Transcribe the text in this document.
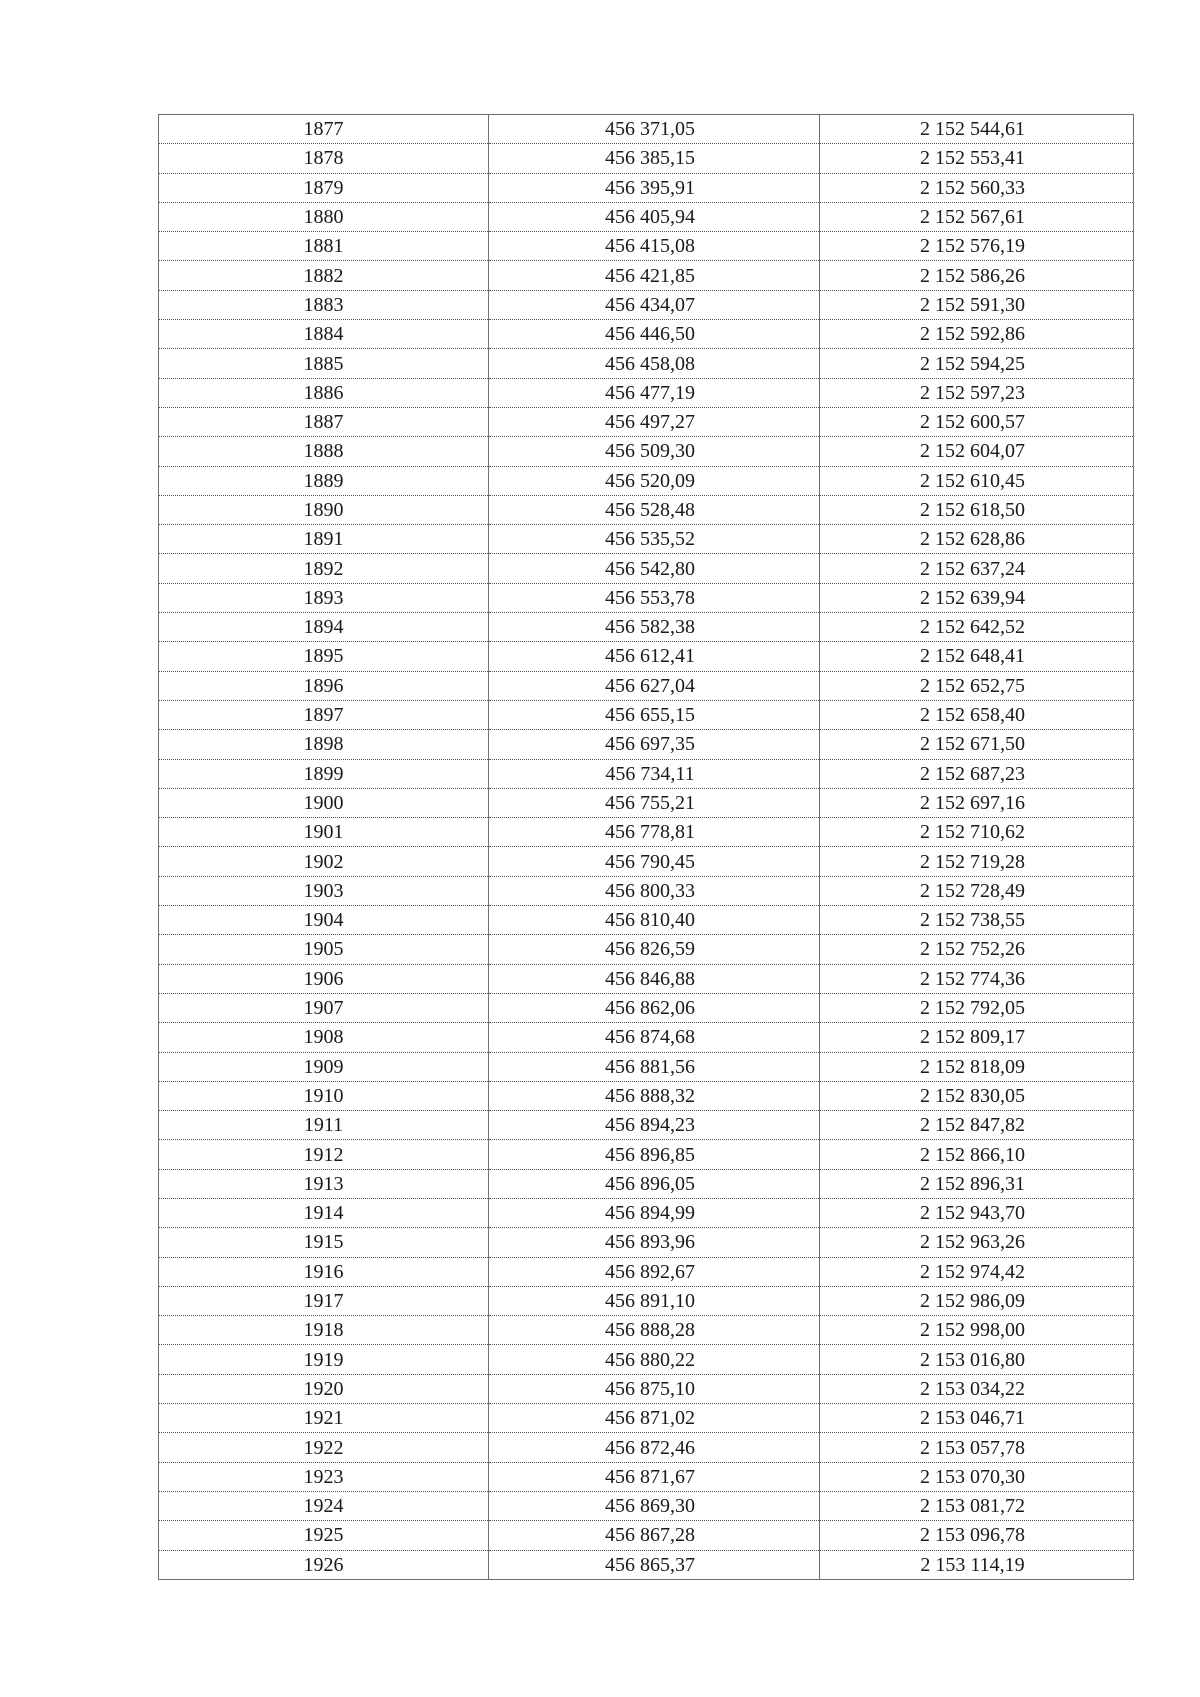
1877	456 371,05	2 152 544,61
1878	456 385,15	2 152 553,41
1879	456 395,91	2 152 560,33
1880	456 405,94	2 152 567,61
1881	456 415,08	2 152 576,19
1882	456 421,85	2 152 586,26
1883	456 434,07	2 152 591,30
1884	456 446,50	2 152 592,86
1885	456 458,08	2 152 594,25
1886	456 477,19	2 152 597,23
1887	456 497,27	2 152 600,57
1888	456 509,30	2 152 604,07
1889	456 520,09	2 152 610,45
1890	456 528,48	2 152 618,50
1891	456 535,52	2 152 628,86
1892	456 542,80	2 152 637,24
1893	456 553,78	2 152 639,94
1894	456 582,38	2 152 642,52
1895	456 612,41	2 152 648,41
1896	456 627,04	2 152 652,75
1897	456 655,15	2 152 658,40
1898	456 697,35	2 152 671,50
1899	456 734,11	2 152 687,23
1900	456 755,21	2 152 697,16
1901	456 778,81	2 152 710,62
1902	456 790,45	2 152 719,28
1903	456 800,33	2 152 728,49
1904	456 810,40	2 152 738,55
1905	456 826,59	2 152 752,26
1906	456 846,88	2 152 774,36
1907	456 862,06	2 152 792,05
1908	456 874,68	2 152 809,17
1909	456 881,56	2 152 818,09
1910	456 888,32	2 152 830,05
1911	456 894,23	2 152 847,82
1912	456 896,85	2 152 866,10
1913	456 896,05	2 152 896,31
1914	456 894,99	2 152 943,70
1915	456 893,96	2 152 963,26
1916	456 892,67	2 152 974,42
1917	456 891,10	2 152 986,09
1918	456 888,28	2 152 998,00
1919	456 880,22	2 153 016,80
1920	456 875,10	2 153 034,22
1921	456 871,02	2 153 046,71
1922	456 872,46	2 153 057,78
1923	456 871,67	2 153 070,30
1924	456 869,30	2 153 081,72
1925	456 867,28	2 153 096,78
1926	456 865,37	2 153 114,19
